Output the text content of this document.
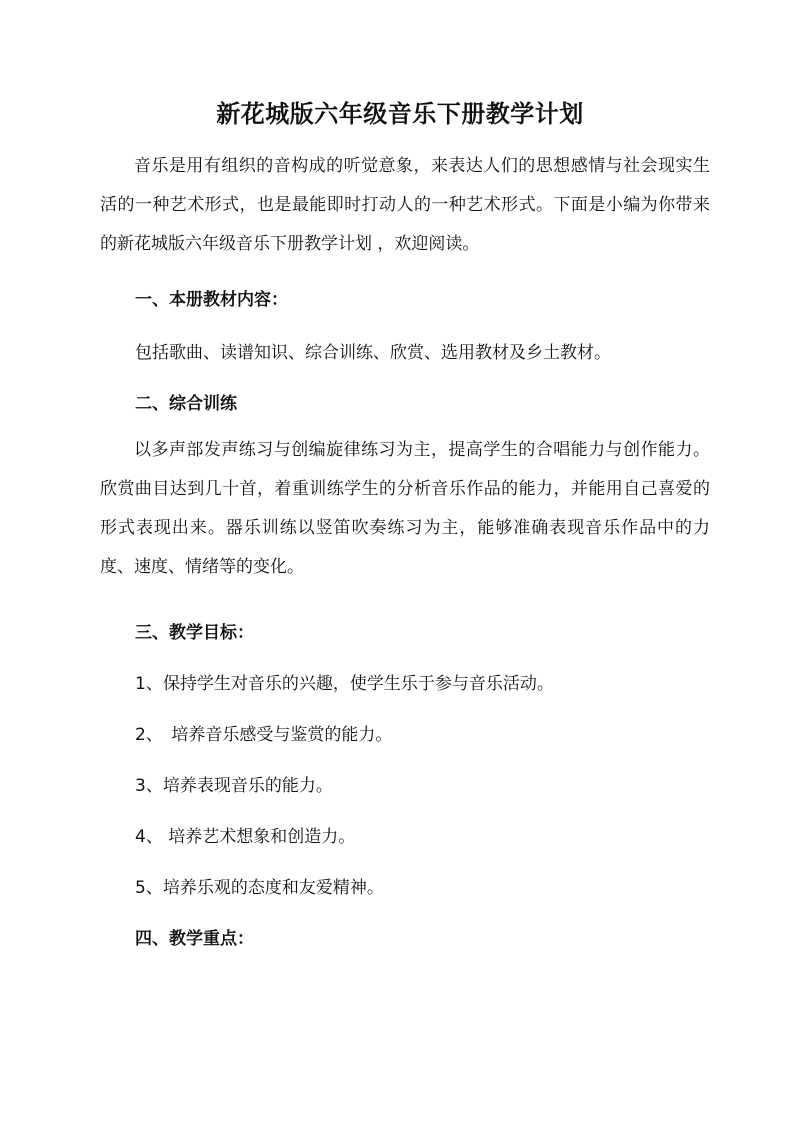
新花城版六年级音乐下册教学计划
音乐是用有组织的音构成的听觉意象，来表达人们的思想感情与社会现实生活的一种艺术形式，也是最能即时打动人的一种艺术形式。下面是小编为你带来的新花城版六年级音乐下册教学计划 ，欢迎阅读。
一、本册教材内容：
包括歌曲、读谱知识、综合训练、欣赏、选用教材及乡土教材。
二、综合训练
以多声部发声练习与创编旋律练习为主，提高学生的合唱能力与创作能力。欣赏曲目达到几十首，着重训练学生的分析音乐作品的能力，并能用自己喜爱的形式表现出来。器乐训练以竖笛吹奏练习为主，能够准确表现音乐作品中的力度、速度、情绪等的变化。
三、教学目标：
1、保持学生对音乐的兴趣，使学生乐于参与音乐活动。
2、　培养音乐感受与鉴赏的能力。
3、培养表现音乐的能力。
4、 培养艺术想象和创造力。
5、培养乐观的态度和友爱精神。
四、教学重点：
